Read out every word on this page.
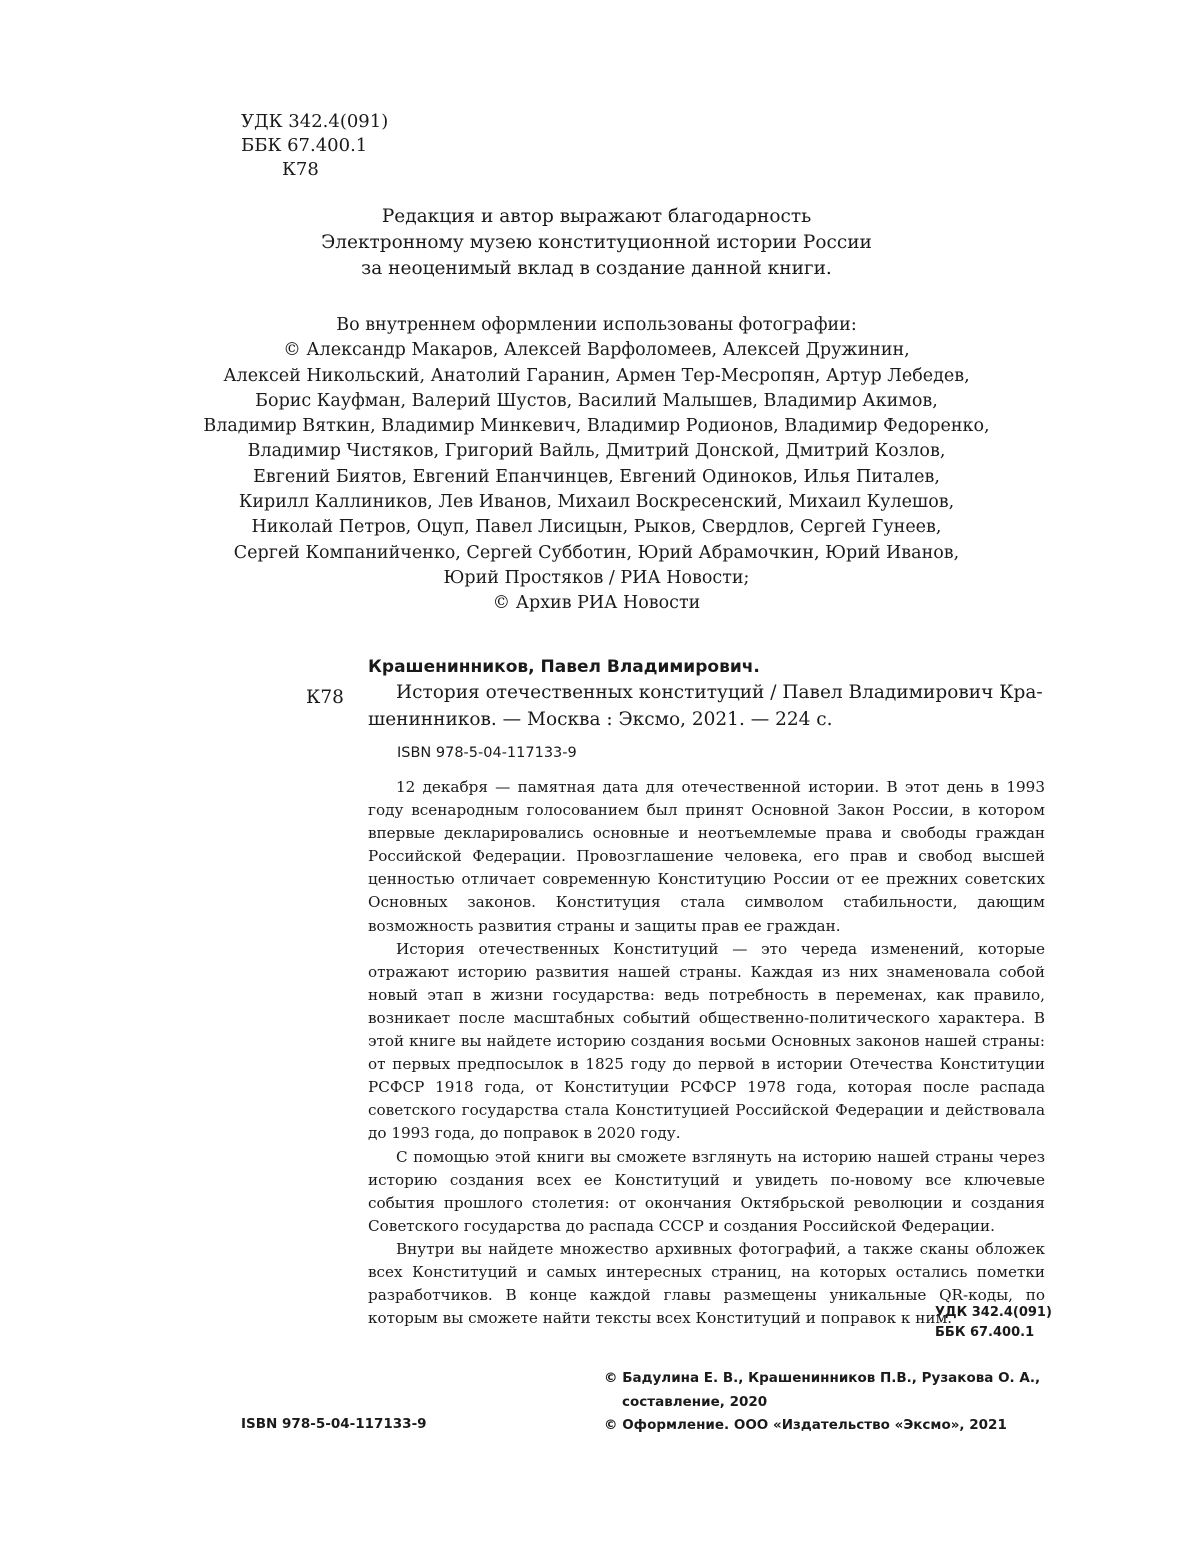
УДК 342.4(091)
ББК 67.400.1
К78
Редакция и автор выражают благодарность
Электронному музею конституционной истории России
за неоценимый вклад в создание данной книги.
Во внутреннем оформлении использованы фотографии:
© Александр Макаров, Алексей Варфоломеев, Алексей Дружинин,
Алексей Никольский, Анатолий Гаранин, Армен Тер-Месропян, Артур Лебедев,
Борис Кауфман, Валерий Шустов, Василий Малышев, Владимир Акимов,
Владимир Вяткин, Владимир Минкевич, Владимир Родионов, Владимир Федоренко,
Владимир Чистяков, Григорий Вайль, Дмитрий Донской, Дмитрий Козлов,
Евгений Биятов, Евгений Епанчинцев, Евгений Одиноков, Илья Питалев,
Кирилл Каллиников, Лев Иванов, Михаил Воскресенский, Михаил Кулешов,
Николай Петров, Оцуп, Павел Лисицын, Рыков, Свердлов, Сергей Гунеев,
Сергей Компанийченко, Сергей Субботин, Юрий Абрамочкин, Юрий Иванов,
Юрий Простяков / РИА Новости;
© Архив РИА Новости
Крашенинников, Павел Владимирович.
К78	История отечественных конституций / Павел Владимирович Кра-

шенинников. — Москва : Эксмо, 2021. — 224 с.
ISBN 978-5-04-117133-9

12 декабря — памятная дата для отечественной истории. В этот день в 1993 году всенародным голосованием был принят Основной Закон России, в котором впервые декларировались основные и неотъемлемые права и свободы граждан Российской Федерации. Провозглашение человека, его прав и свобод высшей ценностью отличает современную Конституцию России от ее прежних советских Основных законов. Конституция стала символом стабильности, дающим возможность развития страны и защиты прав ее граждан.

История отечественных Конституций — это череда изменений, которые отражают историю развития нашей страны. Каждая из них знаменовала собой новый этап в жизни государства: ведь потребность в переменах, как правило, возникает после масштабных событий общественно-политического характера. В этой книге вы найдете историю создания восьми Основных законов нашей страны: от первых предпосылок в 1825 году до первой в истории Отечества Конституции РСФСР 1918 года, от Конституции РСФСР 1978 года, которая после распада советского государства стала Конституцией Российской Федерации и действовала до 1993 года, до поправок в 2020 году.

С помощью этой книги вы сможете взглянуть на историю нашей страны через историю создания всех ее Конституций и увидеть по-новому все ключевые события прошлого столетия: от окончания Октябрьской революции и создания Советского государства до распада СССР и создания Российской Федерации.

Внутри вы найдете множество архивных фотографий, а также сканы обложек всех Конституций и самых интересных страниц, на которых остались пометки разработчиков. В конце каждой главы размещены уникальные QR-коды, по которым вы сможете найти тексты всех Конституций и поправок к ним.

УДК 342.4(091)
ББК 67.400.1
© Бадулина Е. В., Крашенинников П.В., Рузакова О. А.,
составление, 2020
© Оформление. ООО «Издательство «Эксмо», 2021
ISBN 978-5-04-117133-9
